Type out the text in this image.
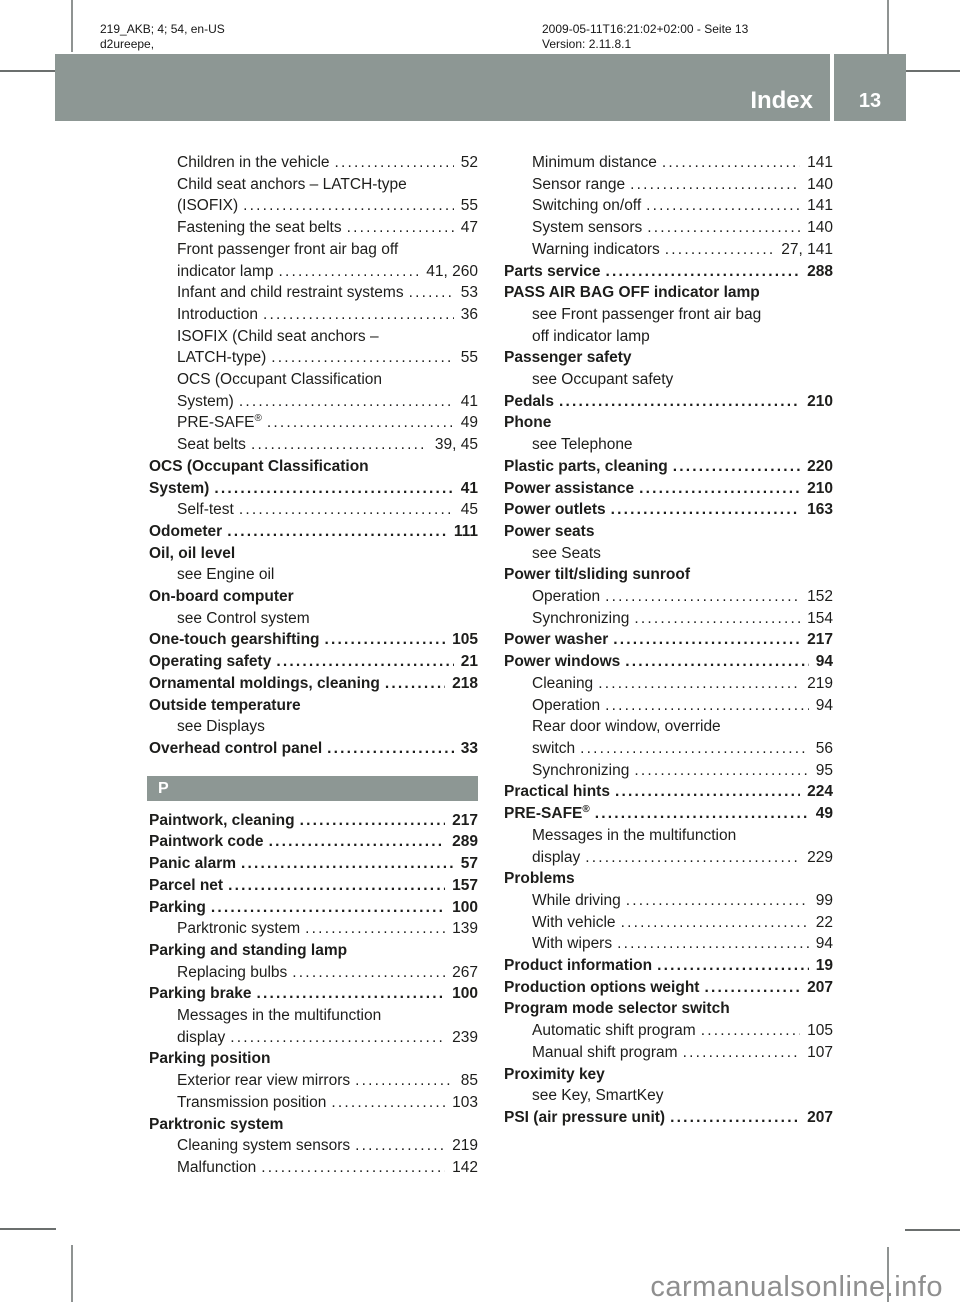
219_AKB; 4; 54, en-US
d2ureepe,
2009-05-11T16:21:02+02:00 - Seite 13
Version: 2.11.8.1
Index 13
Children in the vehicle .....	52
Child seat anchors – LATCH-type
(ISOFIX) .....	55
Fastening the seat belts .....	47
Front passenger front air bag off
indicator lamp .....	41, 260
Infant and child restraint systems .....	53
Introduction .....	36
ISOFIX (Child seat anchors –
LATCH-type) .....	55
OCS (Occupant Classification
System) .....	41
PRE-SAFE® .....	49
Seat belts .....	39, 45
OCS (Occupant Classification
System) .....	41
Self-test .....	45
Odometer .....	111
Oil, oil level
see Engine oil
On-board computer
see Control system
One-touch gearshifting .....	105
Operating safety .....	21
Ornamental moldings, cleaning .....	218
Outside temperature
see Displays
Overhead control panel .....	33
P
Paintwork, cleaning .....	217
Paintwork code .....	289
Panic alarm .....	57
Parcel net .....	157
Parking .....	100
Parktronic system .....	139
Parking and standing lamp
Replacing bulbs .....	267
Parking brake .....	100
Messages in the multifunction
display .....	239
Parking position
Exterior rear view mirrors .....	85
Transmission position .....	103
Parktronic system
Cleaning system sensors .....	219
Malfunction .....	142
Minimum distance .....	141
Sensor range .....	140
Switching on/off .....	141
System sensors .....	140
Warning indicators .....	27, 141
Parts service .....	288
PASS AIR BAG OFF indicator lamp
see Front passenger front air bag
off indicator lamp
Passenger safety
see Occupant safety
Pedals .....	210
Phone
see Telephone
Plastic parts, cleaning .....	220
Power assistance .....	210
Power outlets .....	163
Power seats
see Seats
Power tilt/sliding sunroof
Operation .....	152
Synchronizing .....	154
Power washer .....	217
Power windows .....	94
Cleaning .....	219
Operation .....	94
Rear door window, override
switch .....	56
Synchronizing .....	95
Practical hints .....	224
PRE-SAFE® .....	49
Messages in the multifunction
display .....	229
Problems
While driving .....	99
With vehicle .....	22
With wipers .....	94
Product information .....	19
Production options weight .....	207
Program mode selector switch
Automatic shift program .....	105
Manual shift program .....	107
Proximity key
see Key, SmartKey
PSI (air pressure unit) .....	207
carmanualsonline.info
